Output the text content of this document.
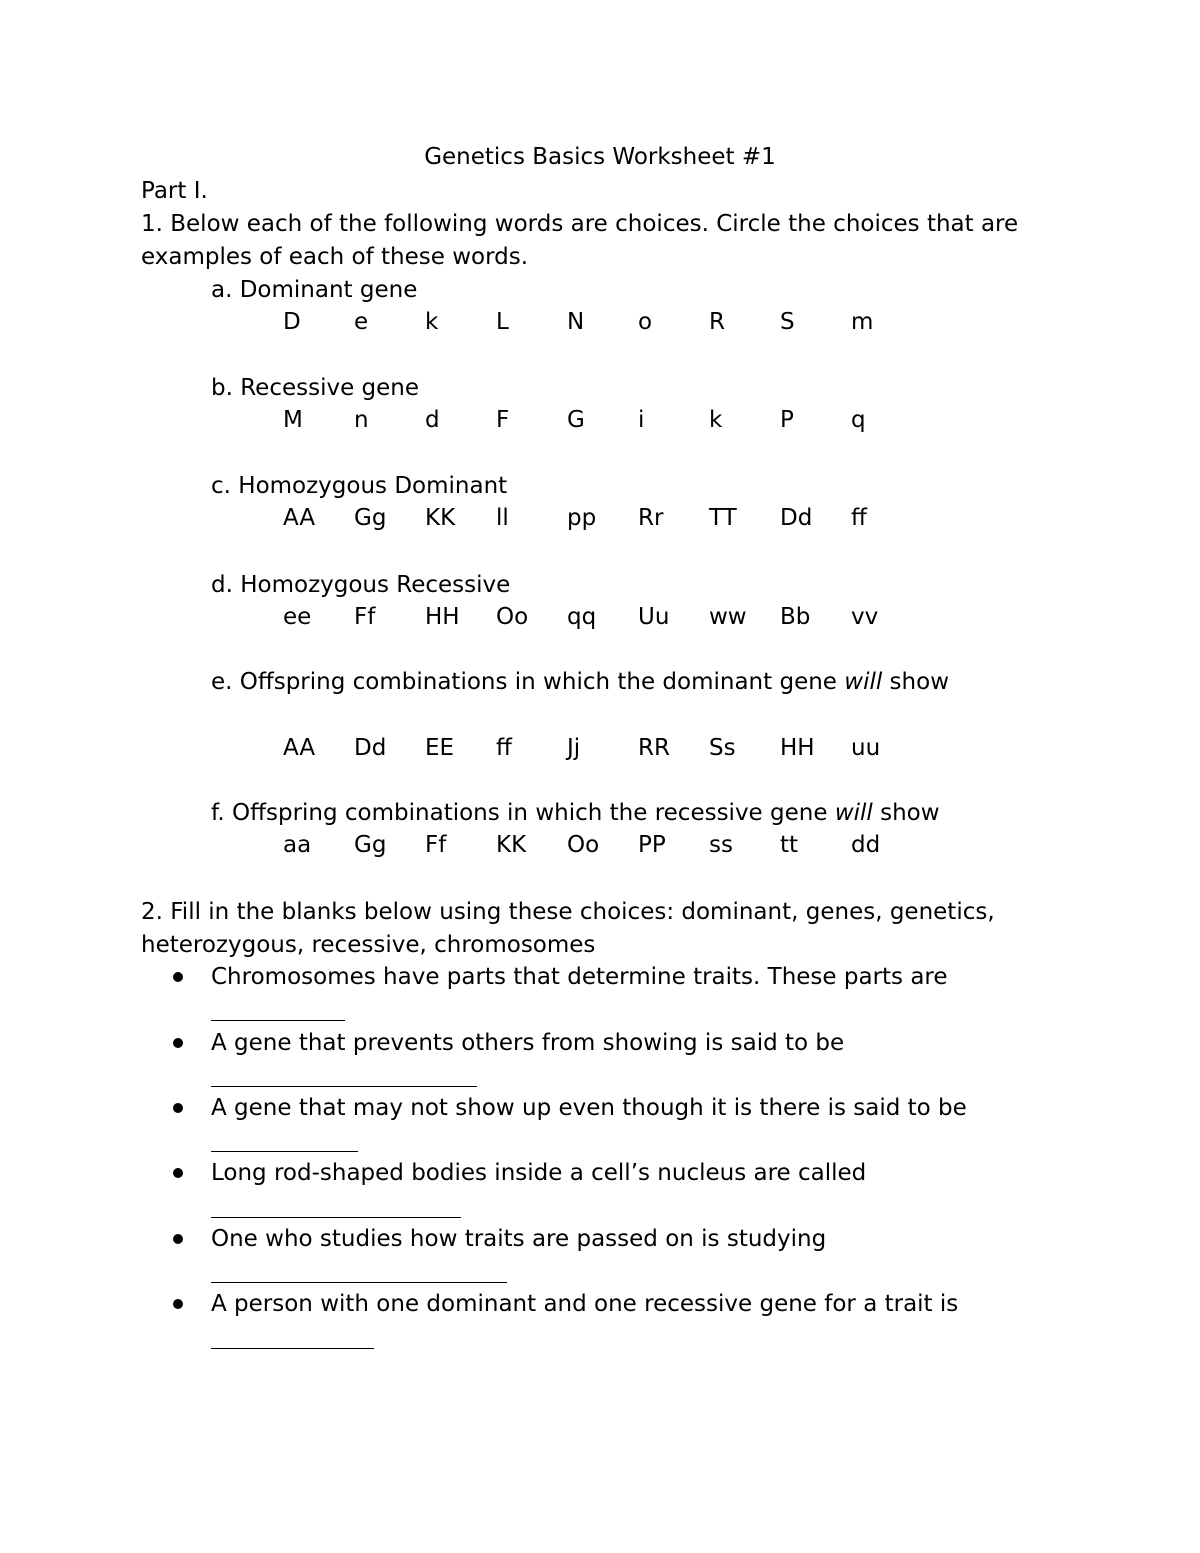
Genetics Basics Worksheet #1
Part I.
1. Below each of the following words are choices. Circle the choices that are
examples of each of these words.
a. Dominant gene
D	e	k	L	N	o	R	S	m
b. Recessive gene
M	n	d	F	G	i	k	P	q
c. Homozygous Dominant
AA	Gg	KK	ll	pp	Rr	TT	Dd	ff
d. Homozygous Recessive
ee	Ff	HH	Oo	qq	Uu	ww	Bb	vv
e. Offspring combinations in which the dominant gene will show
AA	Dd	EE	ff	Jj	RR	Ss	HH	uu
f. Offspring combinations in which the recessive gene will show
aa	Gg	Ff	KK	Oo	PP	ss	tt	dd
2. Fill in the blanks below using these choices: dominant, genes, genetics,
heterozygous, recessive, chromosomes
Chromosomes have parts that determine traits. These parts are
A gene that prevents others from showing is said to be
A gene that may not show up even though it is there is said to be
Long rod-shaped bodies inside a cell’s nucleus are called
One who studies how traits are passed on is studying
A person with one dominant and one recessive gene for a trait is
